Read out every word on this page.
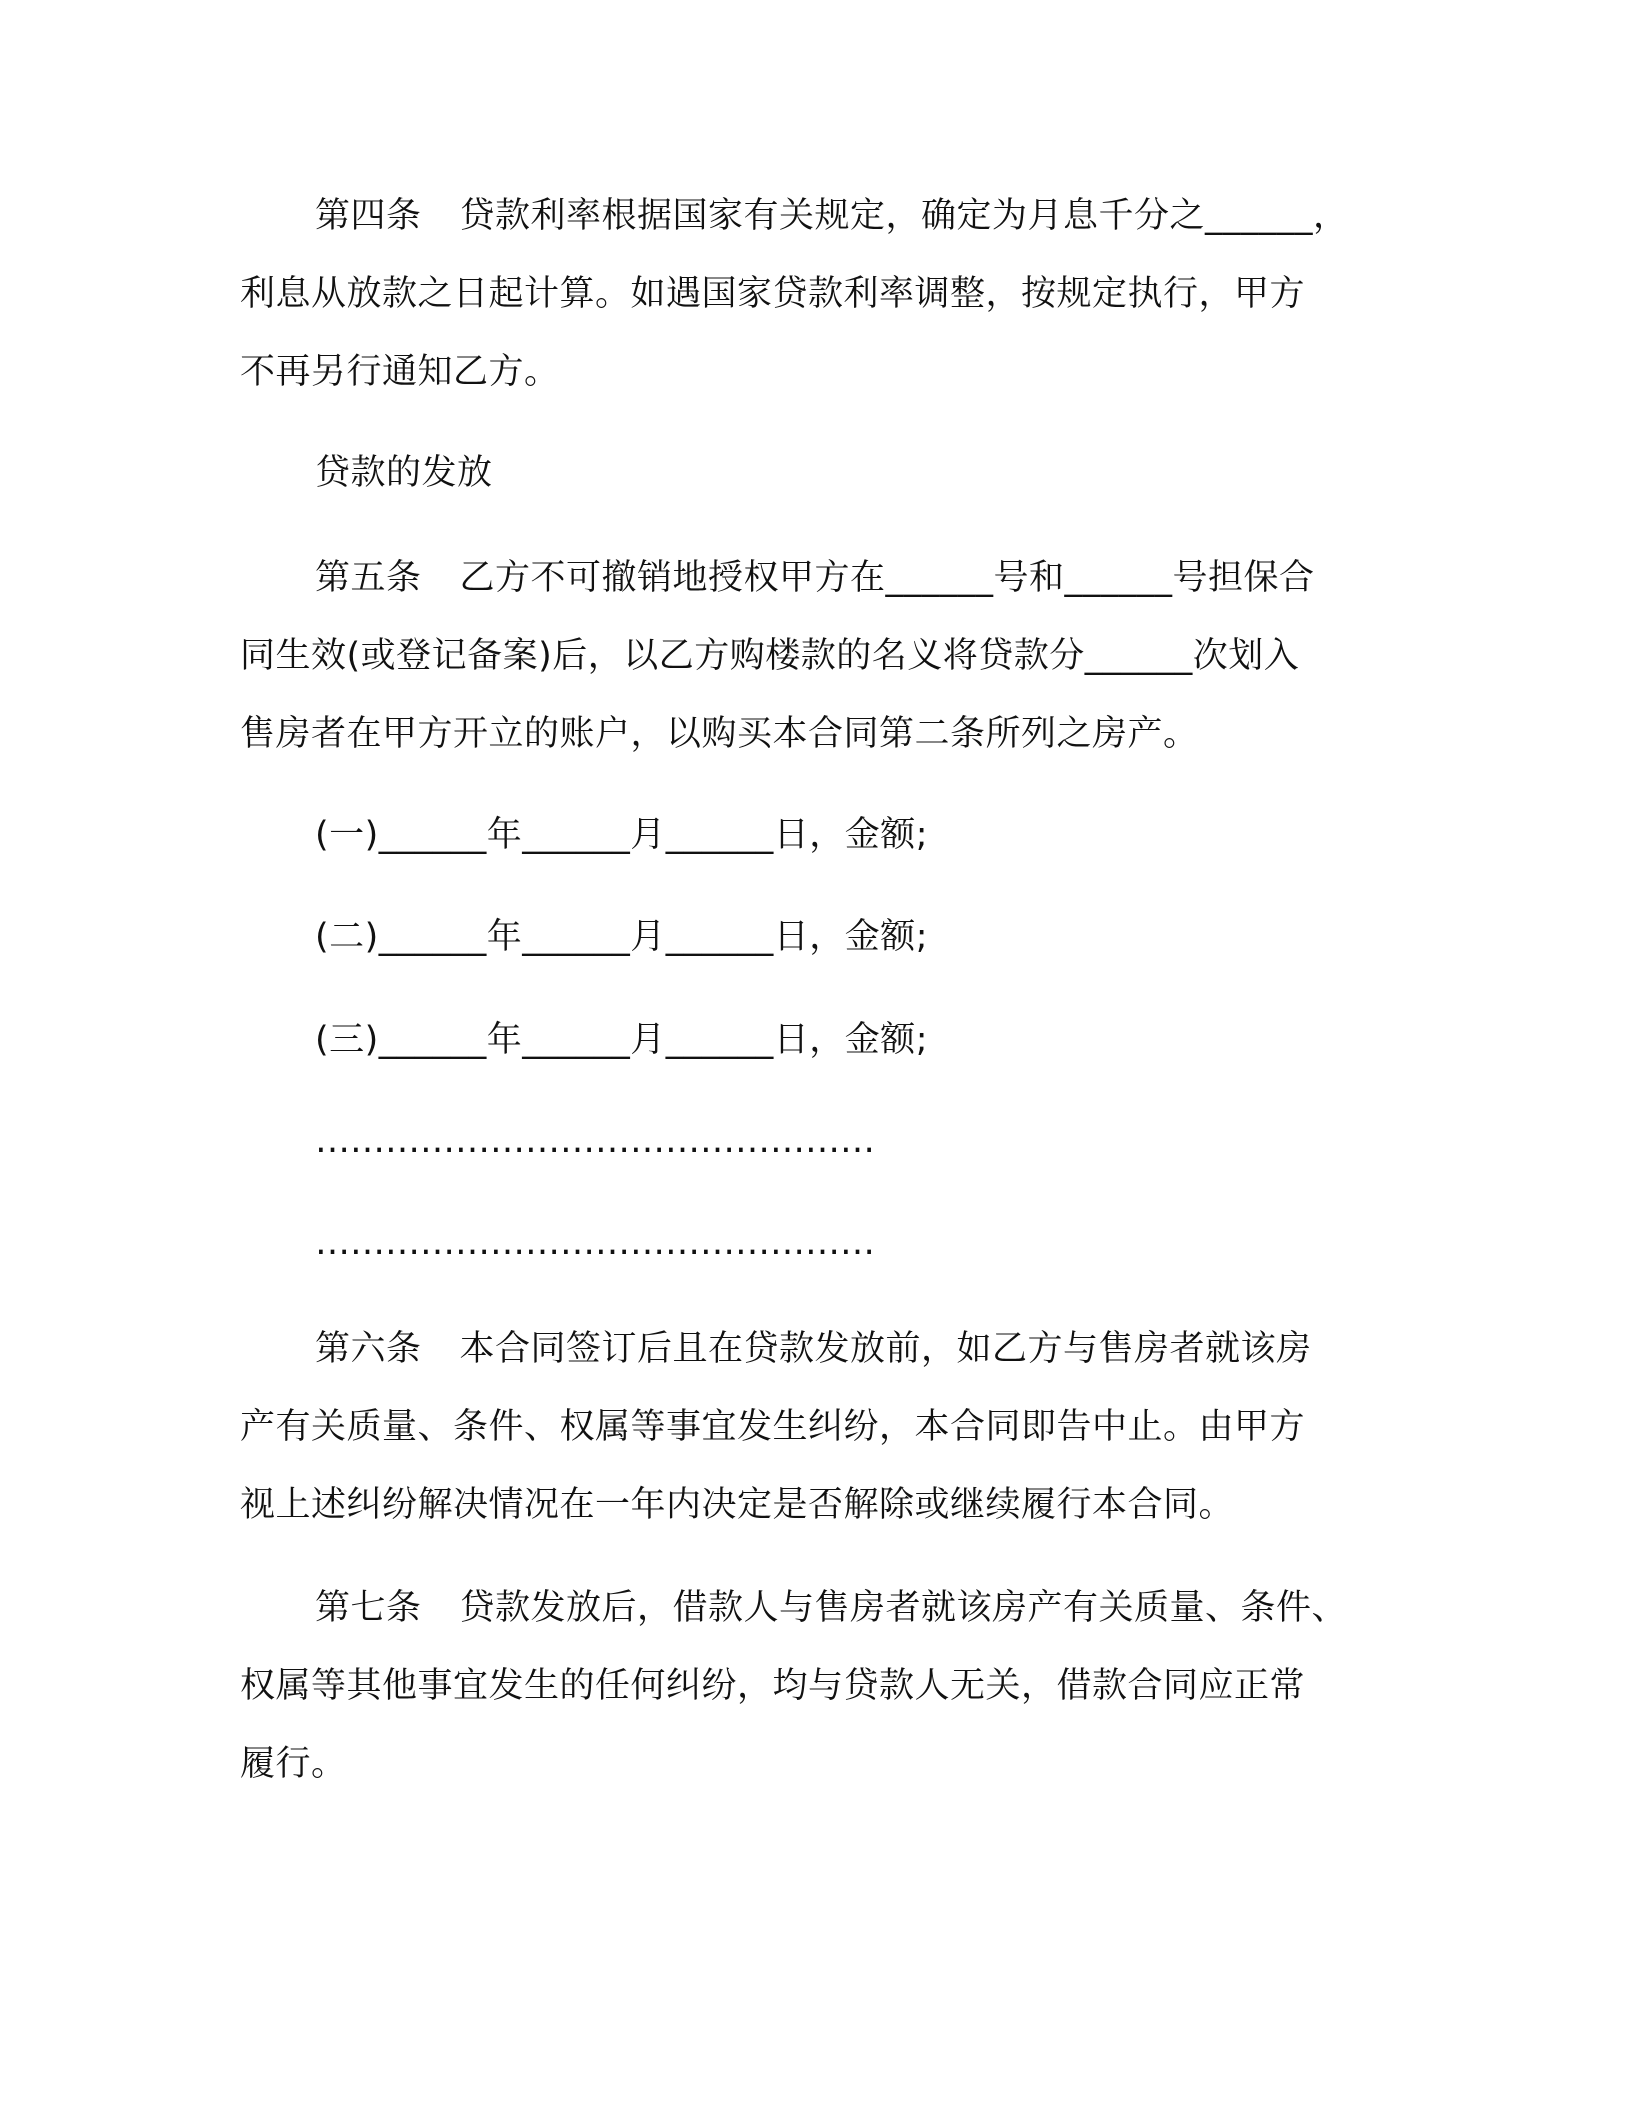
第四条 贷款利率根据国家有关规定，确定为月息千分之______，
利息从放款之日起计算。如遇国家贷款利率调整，按规定执行，甲方
不再另行通知乙方。
贷款的发放
第五条 乙方不可撤销地授权甲方在______号和______号担保合
同生效(或登记备案)后，以乙方购楼款的名义将贷款分______次划入
售房者在甲方开立的账户，以购买本合同第二条所列之房产。
(一)______年______月______日，金额;
(二)______年______月______日，金额;
(三)______年______月______日，金额;
…………………………………………
…………………………………………
第六条 本合同签订后且在贷款发放前，如乙方与售房者就该房
产有关质量、条件、权属等事宜发生纠纷，本合同即告中止。由甲方
视上述纠纷解决情况在一年内决定是否解除或继续履行本合同。
第七条 贷款发放后，借款人与售房者就该房产有关质量、条件、
权属等其他事宜发生的任何纠纷，均与贷款人无关，借款合同应正常
履行。
